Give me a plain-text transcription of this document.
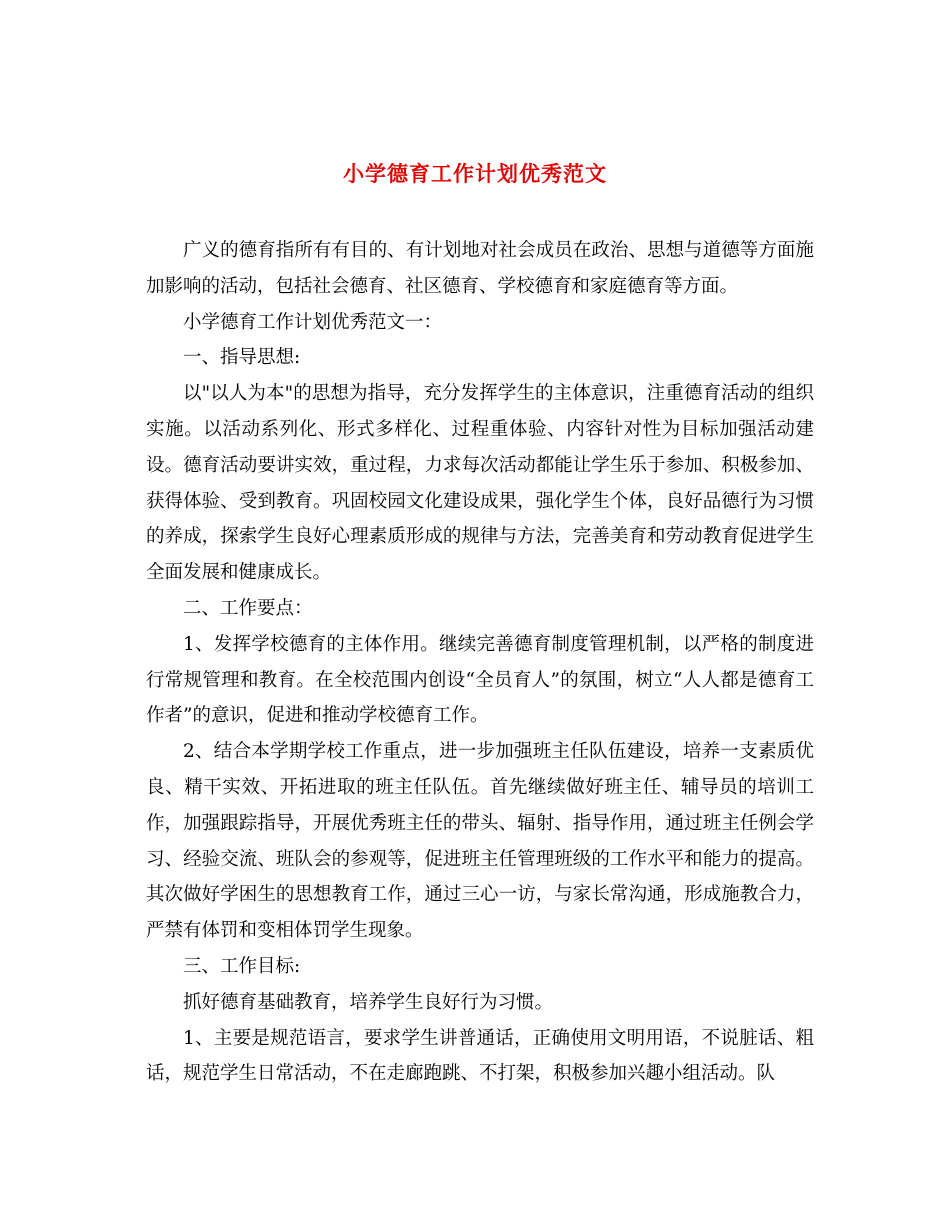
小学德育工作计划优秀范文

广义的德育指所有有目的、有计划地对社会成员在政治、思想与道德等方面施加影响的活动，包括社会德育、社区德育、学校德育和家庭德育等方面。

小学德育工作计划优秀范文一：

一、指导思想:

以"以人为本"的思想为指导，充分发挥学生的主体意识，注重德育活动的组织实施。以活动系列化、形式多样化、过程重体验、内容针对性为目标加强活动建设。德育活动要讲实效，重过程，力求每次活动都能让学生乐于参加、积极参加、获得体验、受到教育。巩固校园文化建设成果，强化学生个体，良好品德行为习惯的养成，探索学生良好心理素质形成的规律与方法，完善美育和劳动教育促进学生全面发展和健康成长。

二、工作要点：

1、发挥学校德育的主体作用。继续完善德育制度管理机制，以严格的制度进行常规管理和教育。在全校范围内创设“全员育人”的氛围，树立“人人都是德育工作者”的意识，促进和推动学校德育工作。

2、结合本学期学校工作重点，进一步加强班主任队伍建设，培养一支素质优良、精干实效、开拓进取的班主任队伍。首先继续做好班主任、辅导员的培训工作，加强跟踪指导，开展优秀班主任的带头、辐射、指导作用，通过班主任例会学习、经验交流、班队会的参观等，促进班主任管理班级的工作水平和能力的提高。其次做好学困生的思想教育工作，通过三心一访，与家长常沟通，形成施教合力，严禁有体罚和变相体罚学生现象。

三、工作目标:

抓好德育基础教育，培养学生良好行为习惯。

1、主要是规范语言，要求学生讲普通话，正确使用文明用语，不说脏话、粗话，规范学生日常活动，不在走廊跑跳、不打架，积极参加兴趣小组活动。队
